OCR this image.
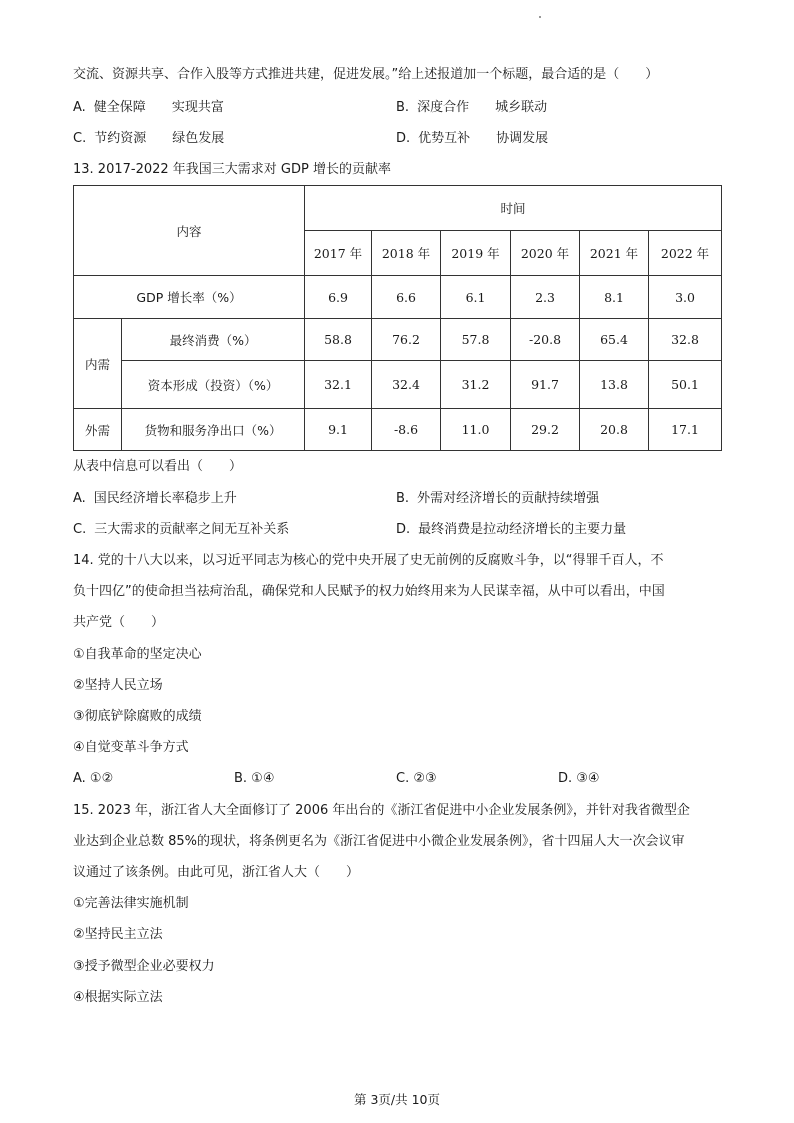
交流、资源共享、合作入股等方式推进共建，促进发展。”给上述报道加一个标题，最合适的是（　　）
A. 健全保障 实现共富	B. 深度合作 城乡联动
C. 节约资源 绿色发展	D. 优势互补 协调发展
13. 2017-2022 年我国三大需求对 GDP 增长的贡献率
内容		时间					
		2017 年	2018 年	2019 年	2020 年	2021 年	2022 年
GDP 增长率（%）		6.9	6.6	6.1	2.3	8.1	3.0
内需	最终消费（%）	58.8	76.2	57.8	-20.8	65.4	32.8
	资本形成（投资）（%）	32.1	32.4	31.2	91.7	13.8	50.1
外需	货物和服务净出口（%）	9.1	-8.6	11.0	29.2	20.8	17.1
从表中信息可以看出（　　）
A. 国民经济增长率稳步上升	B. 外需对经济增长的贡献持续增强
C. 三大需求的贡献率之间无互补关系	D. 最终消费是拉动经济增长的主要力量
14. 党的十八大以来，以习近平同志为核心的党中央开展了史无前例的反腐败斗争，以“得罪千百人，不
负十四亿”的使命担当祛疴治乱，确保党和人民赋予的权力始终用来为人民谋幸福，从中可以看出，中国
共产党（　　）
①自我革命的坚定决心
②坚持人民立场
③彻底铲除腐败的成绩
④自觉变革斗争方式
A. ①②	B. ①④	C. ②③	D. ③④
15. 2023 年，浙江省人大全面修订了 2006 年出台的《浙江省促进中小企业发展条例》，并针对我省微型企
业达到企业总数 85%的现状，将条例更名为《浙江省促进中小微企业发展条例》，省十四届人大一次会议审
议通过了该条例。由此可见，浙江省人大（　　）
①完善法律实施机制
②坚持民主立法
③授予微型企业必要权力
④根据实际立法
第 3页/共 10页
